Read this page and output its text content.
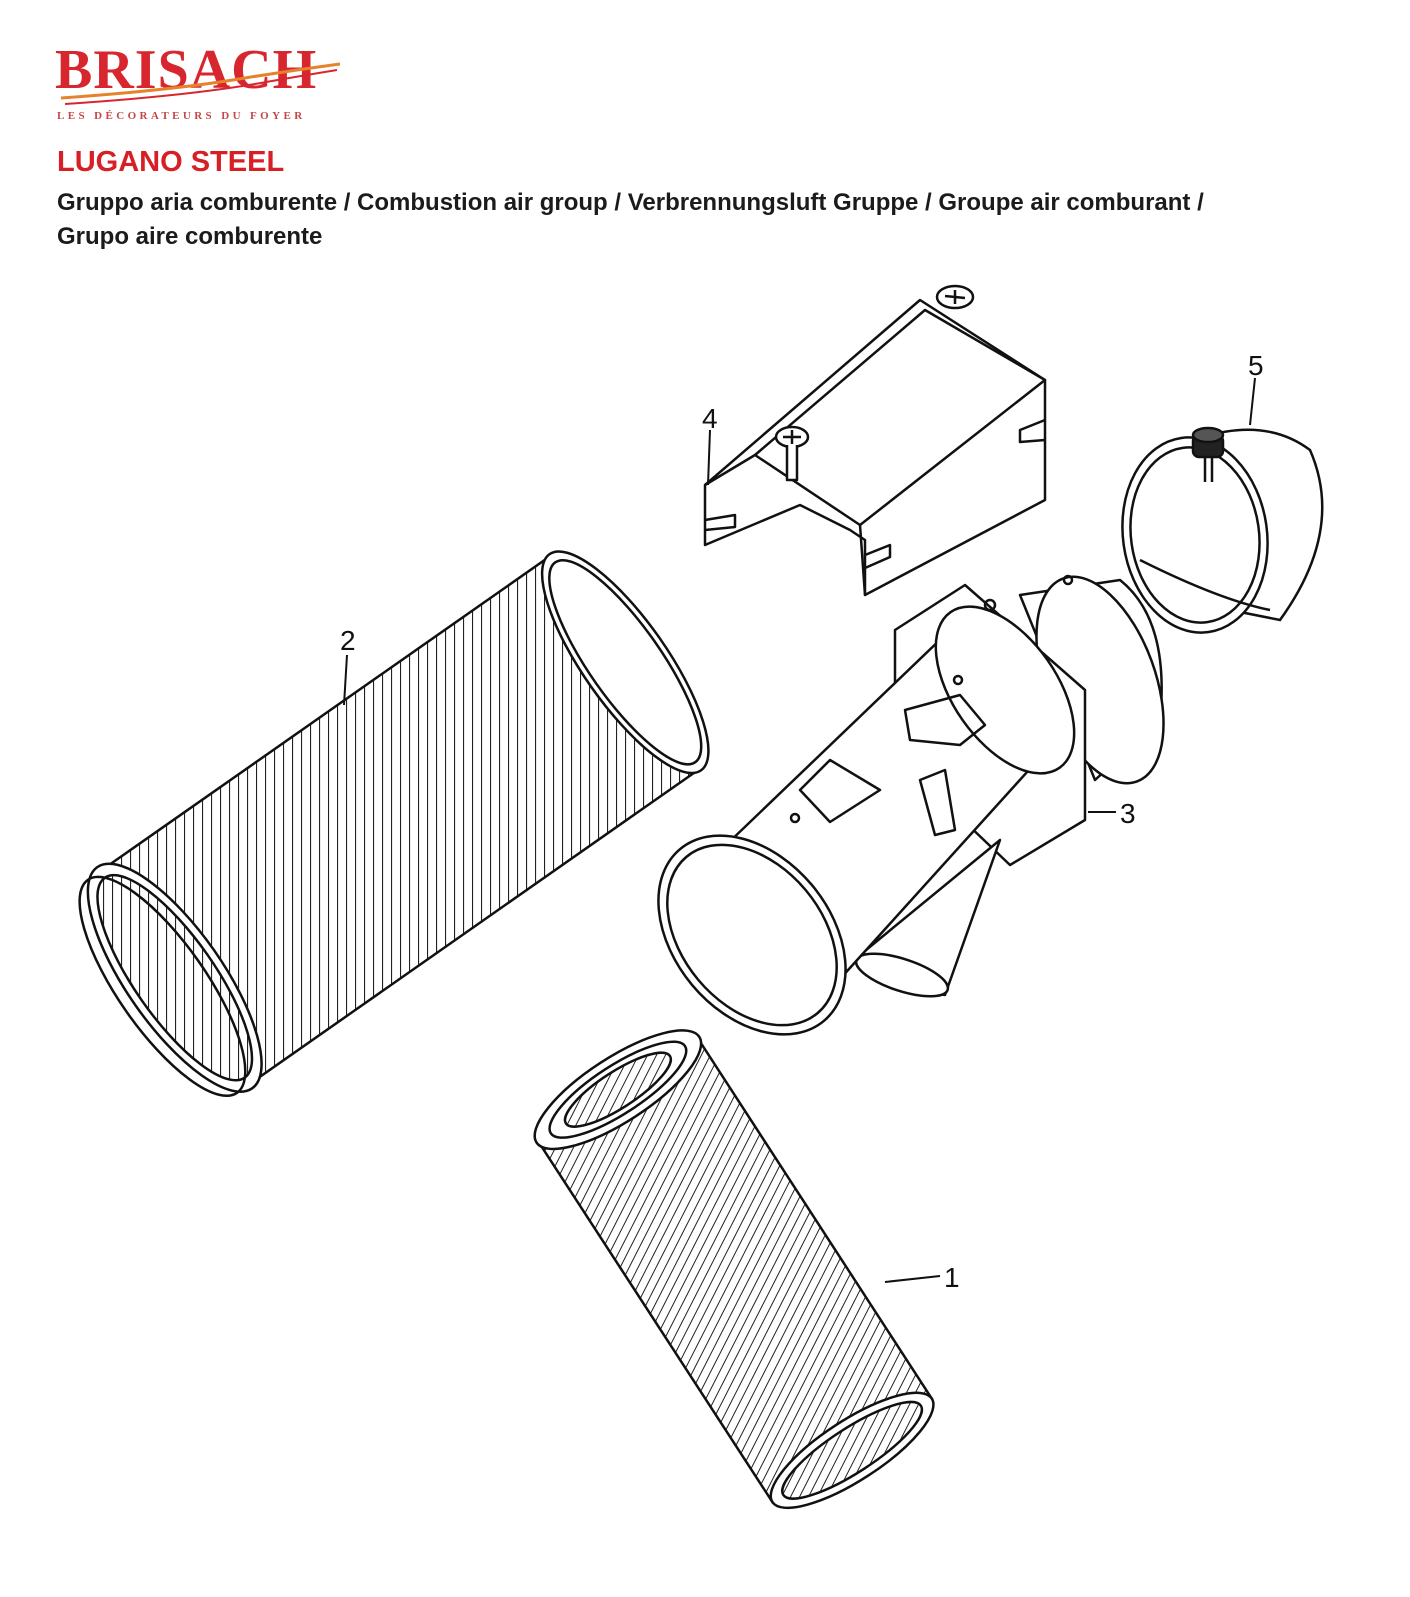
BRISACH
LES DÉCORATEURS DU FOYER
LUGANO STEEL

Gruppo aria comburente / Combustion air group / Verbrennungsluft Gruppe / Groupe air comburant /
Grupo aire comburente

2
4
5
3
1
